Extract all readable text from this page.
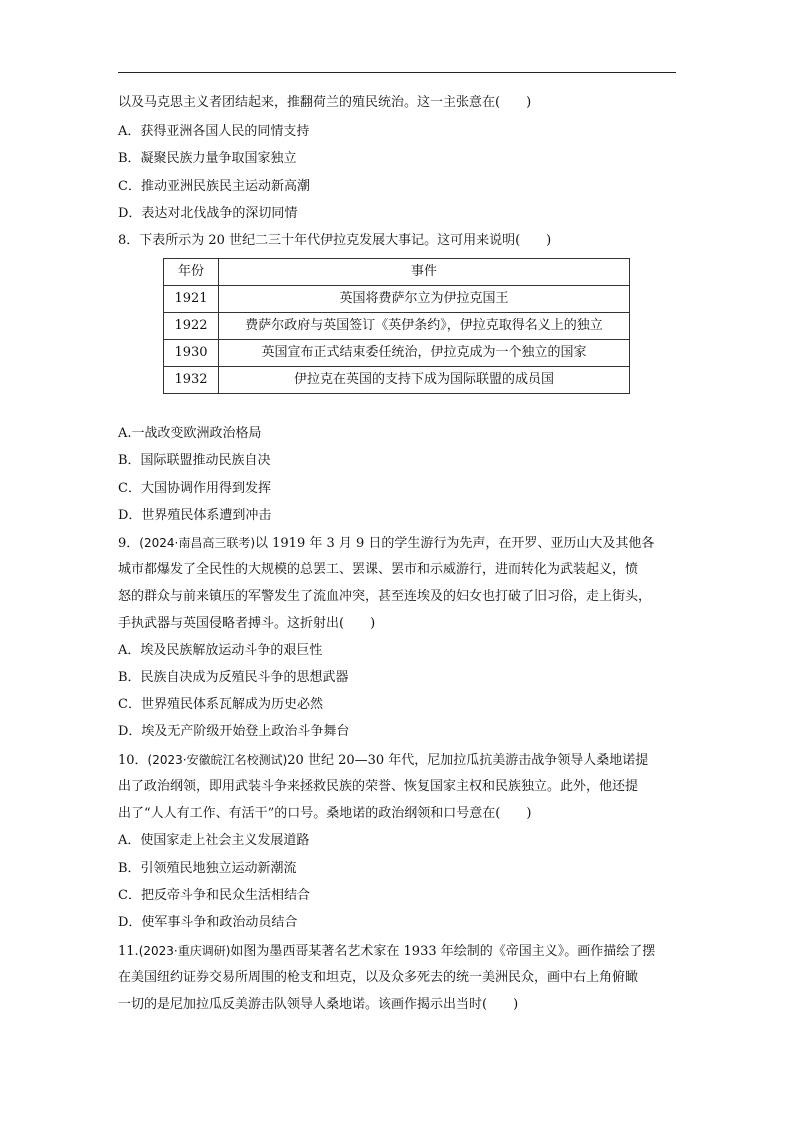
以及马克思主义者团结起来，推翻荷兰的殖民统治。这一主张意在(　　)
A．获得亚洲各国人民的同情支持
B．凝聚民族力量争取国家独立
C．推动亚洲民族民主运动新高潮
D．表达对北伐战争的深切同情
8．下表所示为 20 世纪二三十年代伊拉克发展大事记。这可用来说明(　　)
年份	事件
1921	英国将费萨尔立为伊拉克国王
1922	费萨尔政府与英国签订《英伊条约》，伊拉克取得名义上的独立
1930	英国宣布正式结束委任统治，伊拉克成为一个独立的国家
1932	伊拉克在英国的支持下成为国际联盟的成员国
A.一战改变欧洲政治格局
B．国际联盟推动民族自决
C．大国协调作用得到发挥
D．世界殖民体系遭到冲击
9．(2024·南昌高三联考)以 1919 年 3 月 9 日的学生游行为先声，在开罗、亚历山大及其他各
城市都爆发了全民性的大规模的总罢工、罢课、罢市和示威游行，进而转化为武装起义，愤
怒的群众与前来镇压的军警发生了流血冲突，甚至连埃及的妇女也打破了旧习俗，走上街头，
手执武器与英国侵略者搏斗。这折射出(　　)
A．埃及民族解放运动斗争的艰巨性
B．民族自决成为反殖民斗争的思想武器
C．世界殖民体系瓦解成为历史必然
D．埃及无产阶级开始登上政治斗争舞台
10．(2023·安徽皖江名校测试)20 世纪 20—30 年代，尼加拉瓜抗美游击战争领导人桑地诺提
出了政治纲领，即用武装斗争来拯救民族的荣誉、恢复国家主权和民族独立。此外，他还提
出了“人人有工作、有活干”的口号。桑地诺的政治纲领和口号意在(　　)
A．使国家走上社会主义发展道路
B．引领殖民地独立运动新潮流
C．把反帝斗争和民众生活相结合
D．使军事斗争和政治动员结合
11.(2023·重庆调研)如图为墨西哥某著名艺术家在 1933 年绘制的《帝国主义》。画作描绘了摆
在美国纽约证券交易所周围的枪支和坦克，以及众多死去的统一美洲民众，画中右上角俯瞰
一切的是尼加拉瓜反美游击队领导人桑地诺。该画作揭示出当时(　　)
